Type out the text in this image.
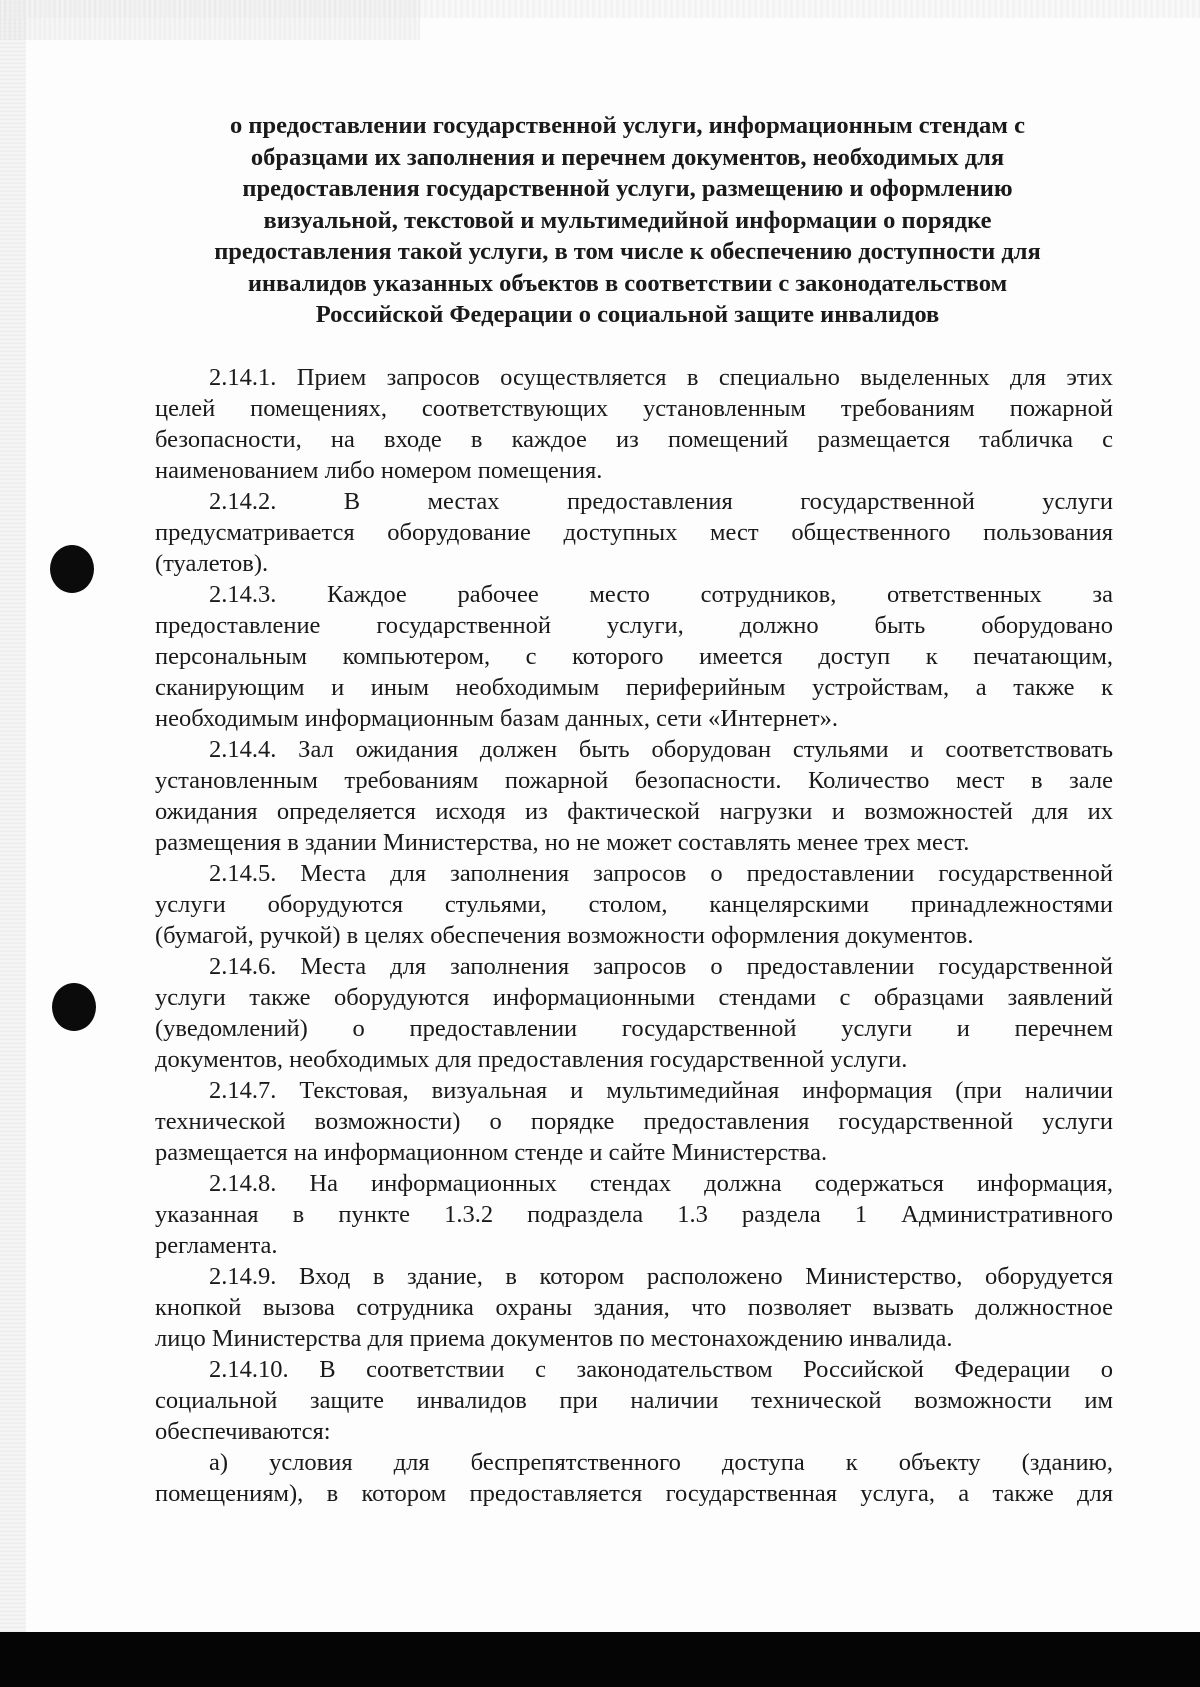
о предоставлении государственной услуги, информационным стендам с
образцами их заполнения и перечнем документов, необходимых для
предоставления государственной услуги, размещению и оформлению
визуальной, текстовой и мультимедийной информации о порядке
предоставления такой услуги, в том числе к обеспечению доступности для
инвалидов указанных объектов в соответствии с законодательством
Российской Федерации о социальной защите инвалидов
2.14.1. Прием запросов осуществляется в специально выделенных для этих
целей помещениях, соответствующих установленным требованиям пожарной
безопасности, на входе в каждое из помещений размещается табличка с
наименованием либо номером помещения.
2.14.2. В местах предоставления государственной услуги
предусматривается оборудование доступных мест общественного пользования
(туалетов).
2.14.3. Каждое рабочее место сотрудников, ответственных за
предоставление государственной услуги, должно быть оборудовано
персональным компьютером, с которого имеется доступ к печатающим,
сканирующим и иным необходимым периферийным устройствам, а также к
необходимым информационным базам данных, сети «Интернет».
2.14.4. Зал ожидания должен быть оборудован стульями и соответствовать
установленным требованиям пожарной безопасности. Количество мест в зале
ожидания определяется исходя из фактической нагрузки и возможностей для их
размещения в здании Министерства, но не может составлять менее трех мест.
2.14.5. Места для заполнения запросов о предоставлении государственной
услуги оборудуются стульями, столом, канцелярскими принадлежностями
(бумагой, ручкой) в целях обеспечения возможности оформления документов.
2.14.6. Места для заполнения запросов о предоставлении государственной
услуги также оборудуются информационными стендами с образцами заявлений
(уведомлений) о предоставлении государственной услуги и перечнем
документов, необходимых для предоставления государственной услуги.
2.14.7. Текстовая, визуальная и мультимедийная информация (при наличии
технической возможности) о порядке предоставления государственной услуги
размещается на информационном стенде и сайте Министерства.
2.14.8. На информационных стендах должна содержаться информация,
указанная в пункте 1.3.2 подраздела 1.3 раздела 1 Административного
регламента.
2.14.9. Вход в здание, в котором расположено Министерство, оборудуется
кнопкой вызова сотрудника охраны здания, что позволяет вызвать должностное
лицо Министерства для приема документов по местонахождению инвалида.
2.14.10. В соответствии с законодательством Российской Федерации о
социальной защите инвалидов при наличии технической возможности им
обеспечиваются:
а) условия для беспрепятственного доступа к объекту (зданию,
помещениям), в котором предоставляется государственная услуга, а также для
